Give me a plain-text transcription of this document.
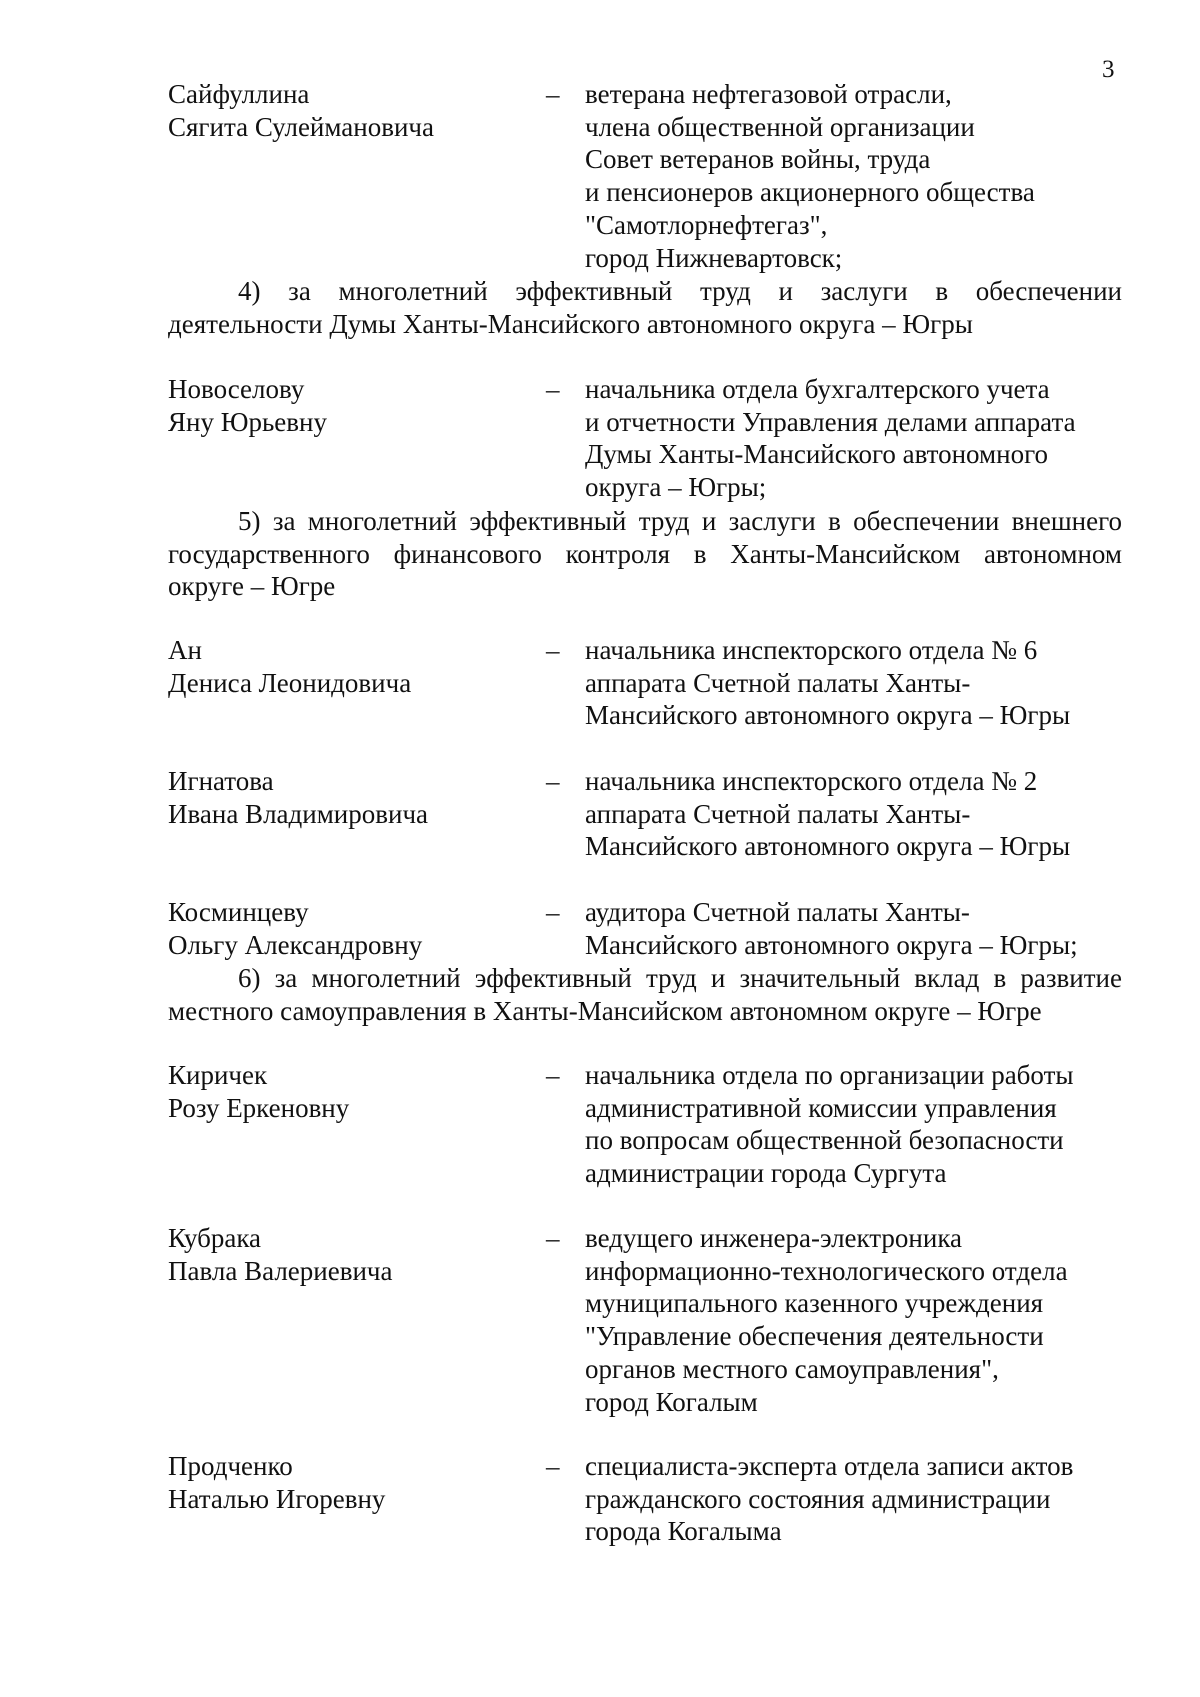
3
Сайфуллина
Сягита Сулеймановича
– ветерана нефтегазовой отрасли,
члена общественной организации
Совет ветеранов войны, труда
и пенсионеров акционерного общества
"Самотлорнефтегаз",
город Нижневартовск;
4) за многолетний эффективный труд и заслуги в обеспечении
деятельности Думы Ханты-Мансийского автономного округа – Югры
Новоселову
Яну Юрьевну
– начальника отдела бухгалтерского учета
и отчетности Управления делами аппарата
Думы Ханты-Мансийского автономного
округа – Югры;
5) за многолетний эффективный труд и заслуги в обеспечении внешнего
государственного финансового контроля в Ханты-Мансийском автономном
округе – Югре
Ан
Дениса Леонидовича
– начальника инспекторского отдела № 6
аппарата Счетной палаты Ханты-
Мансийского автономного округа – Югры
Игнатова
Ивана Владимировича
– начальника инспекторского отдела № 2
аппарата Счетной палаты Ханты-
Мансийского автономного округа – Югры
Косминцеву
Ольгу Александровну
– аудитора Счетной палаты Ханты-
Мансийского автономного округа – Югры;
6) за многолетний эффективный труд и значительный вклад в развитие
местного самоуправления в Ханты-Мансийском автономном округе – Югре
Киричек
Розу Еркеновну
– начальника отдела по организации работы
административной комиссии управления
по вопросам общественной безопасности
администрации города Сургута
Кубрака
Павла Валериевича
– ведущего инженера-электроника
информационно-технологического отдела
муниципального казенного учреждения
"Управление обеспечения деятельности
органов местного самоуправления",
город Когалым
Продченко
Наталью Игоревну
– специалиста-эксперта отдела записи актов
гражданского состояния администрации
города Когалыма
